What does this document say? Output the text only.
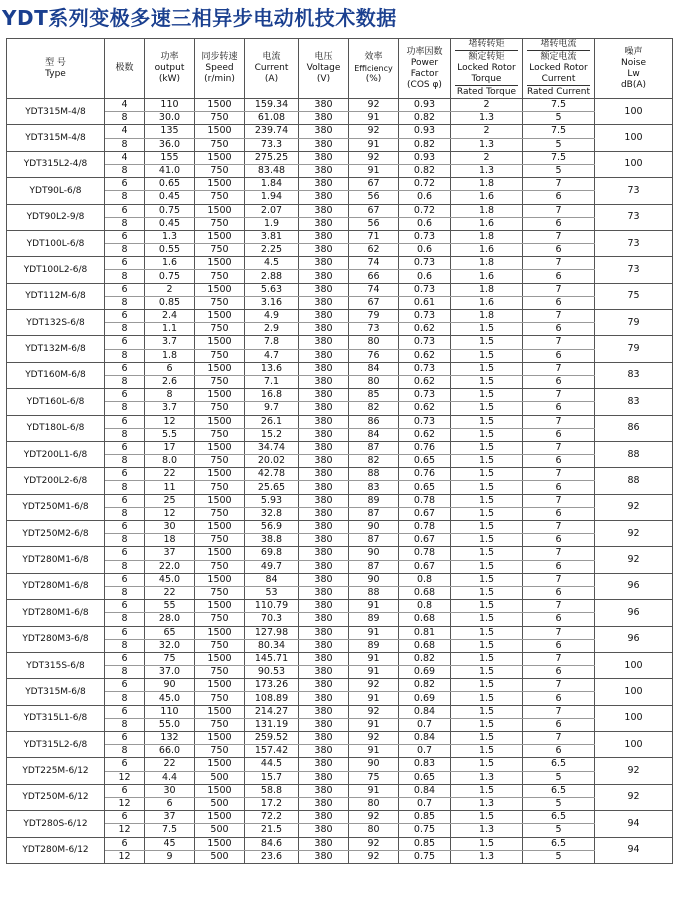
YDT系列变极多速三相异步电动机技术数据
型 号
Type	极数	功率
output
(kW)	同步转速
Speed
(r/min)	电流
Current
(A)	电压
Voltage
(V)	效率
Efficiency
(%)	功率因数
Power
Factor
(COS φ)	堵转转矩
额定转矩
Locked Rotor
Torque
Rated Torque	堵转电流
额定电流
Locked Rotor
Current
Rated Current	噪声
Noise
Lw
dB(A)

YDT315M-4/8	4	110	1500	159.34	380	92	0.93	2	7.5	100
	8	30.0	750	61.08	380	91	0.82	1.3	5	
YDT315M-4/8	4	135	1500	239.74	380	92	0.93	2	7.5	100
	8	36.0	750	73.3	380	91	0.82	1.3	5	
YDT315L2-4/8	4	155	1500	275.25	380	92	0.93	2	7.5	100
	8	41.0	750	83.48	380	91	0.82	1.3	5	
YDT90L-6/8	6	0.65	1500	1.84	380	67	0.72	1.8	7	73
	8	0.45	750	1.94	380	56	0.6	1.6	6	
YDT90L2-9/8	6	0.75	1500	2.07	380	67	0.72	1.8	7	73
	8	0.45	750	1.9	380	56	0.6	1.6	6	
YDT100L-6/8	6	1.3	1500	3.81	380	71	0.73	1.8	7	73
	8	0.55	750	2.25	380	62	0.6	1.6	6	
YDT100L2-6/8	6	1.6	1500	4.5	380	74	0.73	1.8	7	73
	8	0.75	750	2.88	380	66	0.6	1.6	6	
YDT112M-6/8	6	2	1500	5.63	380	74	0.73	1.8	7	75
	8	0.85	750	3.16	380	67	0.61	1.6	6	
YDT132S-6/8	6	2.4	1500	4.9	380	79	0.73	1.8	7	79
	8	1.1	750	2.9	380	73	0.62	1.5	6	
YDT132M-6/8	6	3.7	1500	7.8	380	80	0.73	1.5	7	79
	8	1.8	750	4.7	380	76	0.62	1.5	6	
YDT160M-6/8	6	6	1500	13.6	380	84	0.73	1.5	7	83
	8	2.6	750	7.1	380	80	0.62	1.5	6	
YDT160L-6/8	6	8	1500	16.8	380	85	0.73	1.5	7	83
	8	3.7	750	9.7	380	82	0.62	1.5	6	
YDT180L-6/8	6	12	1500	26.1	380	86	0.73	1.5	7	86
	8	5.5	750	15.2	380	84	0.62	1.5	6	
YDT200L1-6/8	6	17	1500	34.74	380	87	0.76	1.5	7	88
	8	8.0	750	20.02	380	82	0.65	1.5	6	
YDT200L2-6/8	6	22	1500	42.78	380	88	0.76	1.5	7	88
	8	11	750	25.65	380	83	0.65	1.5	6	
YDT250M1-6/8	6	25	1500	5.93	380	89	0.78	1.5	7	92
	8	12	750	32.8	380	87	0.67	1.5	6	
YDT250M2-6/8	6	30	1500	56.9	380	90	0.78	1.5	7	92
	8	18	750	38.8	380	87	0.67	1.5	6	
YDT280M1-6/8	6	37	1500	69.8	380	90	0.78	1.5	7	92
	8	22.0	750	49.7	380	87	0.67	1.5	6	
YDT280M1-6/8	6	45.0	1500	84	380	90	0.8	1.5	7	96
	8	22	750	53	380	88	0.68	1.5	6	
YDT280M1-6/8	6	55	1500	110.79	380	91	0.8	1.5	7	96
	8	28.0	750	70.3	380	89	0.68	1.5	6	
YDT280M3-6/8	6	65	1500	127.98	380	91	0.81	1.5	7	96
	8	32.0	750	80.34	380	89	0.68	1.5	6	
YDT315S-6/8	6	75	1500	145.71	380	91	0.82	1.5	7	100
	8	37.0	750	90.53	380	91	0.69	1.5	6	
YDT315M-6/8	6	90	1500	173.26	380	92	0.82	1.5	7	100
	8	45.0	750	108.89	380	91	0.69	1.5	6	
YDT315L1-6/8	6	110	1500	214.27	380	92	0.84	1.5	7	100
	8	55.0	750	131.19	380	91	0.7	1.5	6	
YDT315L2-6/8	6	132	1500	259.52	380	92	0.84	1.5	7	100
	8	66.0	750	157.42	380	91	0.7	1.5	6	
YDT225M-6/12	6	22	1500	44.5	380	90	0.83	1.5	6.5	92
	12	4.4	500	15.7	380	75	0.65	1.3	5	
YDT250M-6/12	6	30	1500	58.8	380	91	0.84	1.5	6.5	92
	12	6	500	17.2	380	80	0.7	1.3	5	
YDT280S-6/12	6	37	1500	72.2	380	92	0.85	1.5	6.5	94
	12	7.5	500	21.5	380	80	0.75	1.3	5	
YDT280M-6/12	6	45	1500	84.6	380	92	0.85	1.5	6.5	94
	12	9	500	23.6	380	92	0.75	1.3	5	
